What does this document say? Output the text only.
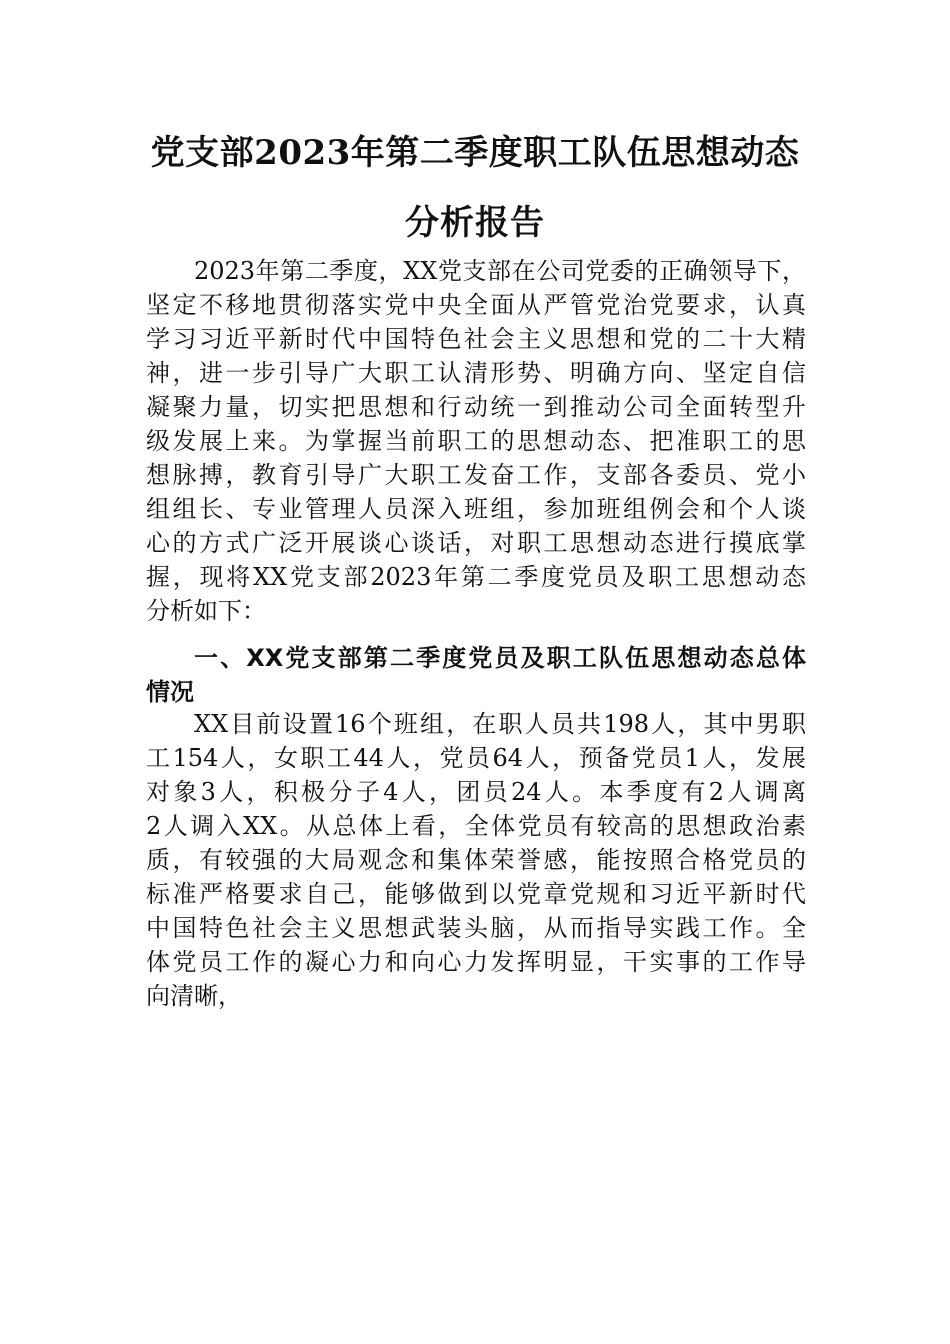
党支部2023年第二季度职工队伍思想动态
分析报告
2023年第二季度，XX党支部在公司党委的正确领导下，
坚定不移地贯彻落实党中央全面从严管党治党要求，认真
学习习近平新时代中国特色社会主义思想和党的二十大精
神，进一步引导广大职工认清形势、明确方向、坚定自信
凝聚力量，切实把思想和行动统一到推动公司全面转型升
级发展上来。为掌握当前职工的思想动态、把准职工的思
想脉搏，教育引导广大职工发奋工作，支部各委员、党小
组组长、专业管理人员深入班组，参加班组例会和个人谈
心的方式广泛开展谈心谈话，对职工思想动态进行摸底掌
握，现将XX党支部2023年第二季度党员及职工思想动态
分析如下：
一、XX党支部第二季度党员及职工队伍思想动态总体
情况
XX目前设置16个班组，在职人员共198人，其中男职
工154人，女职工44人，党员64人，预备党员1人，发展
对象3人，积极分子4人，团员24人。本季度有2人调离
2人调入XX。从总体上看，全体党员有较高的思想政治素
质，有较强的大局观念和集体荣誉感，能按照合格党员的
标准严格要求自己，能够做到以党章党规和习近平新时代
中国特色社会主义思想武装头脑，从而指导实践工作。全
体党员工作的凝心力和向心力发挥明显，干实事的工作导
向清晰，
